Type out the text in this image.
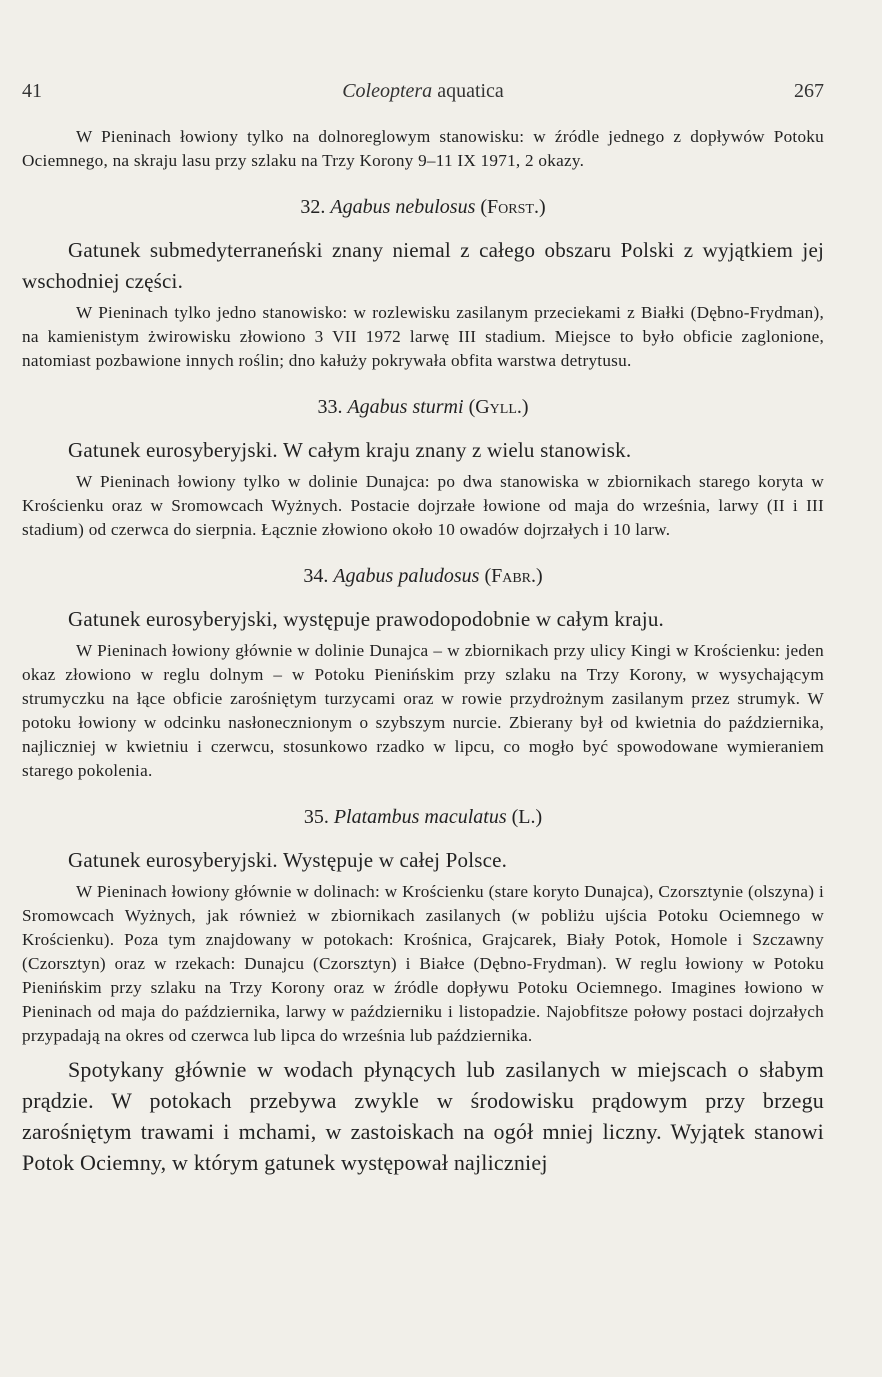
41	Coleoptera aquatica	267

W Pieninach łowiony tylko na dolnoreglowym stanowisku: w źródle jednego z dopływów Potoku Ociemnego, na skraju lasu przy szlaku na Trzy Korony 9–11 IX 1971, 2 okazy.

32. Agabus nebulosus (Forst.)

Gatunek submedyterraneński znany niemal z całego obszaru Polski z wyjątkiem jej wschodniej części.

W Pieninach tylko jedno stanowisko: w rozlewisku zasilanym przeciekami z Białki (Dębno-Frydman), na kamienistym żwirowisku złowiono 3 VII 1972 larwę III stadium. Miejsce to było obficie zaglonione, natomiast pozbawione innych roślin; dno kałuży pokrywała obfita warstwa detrytusu.

33. Agabus sturmi (Gyll.)

Gatunek eurosyberyjski. W całym kraju znany z wielu stanowisk.

W Pieninach łowiony tylko w dolinie Dunajca: po dwa stanowiska w zbiornikach starego koryta w Krościenku oraz w Sromowcach Wyżnych. Postacie dojrzałe łowione od maja do września, larwy (II i III stadium) od czerwca do sierpnia. Łącznie złowiono około 10 owadów dojrzałych i 10 larw.

34. Agabus paludosus (Fabr.)

Gatunek eurosyberyjski, występuje prawodopodobnie w całym kraju.

W Pieninach łowiony głównie w dolinie Dunajca – w zbiornikach przy ulicy Kingi w Krościenku: jeden okaz złowiono w reglu dolnym – w Potoku Pienińskim przy szlaku na Trzy Korony, w wysychającym strumyczku na łące obficie zarośniętym turzycami oraz w rowie przydrożnym zasilanym przez strumyk. W potoku łowiony w odcinku nasłonecznionym o szybszym nurcie. Zbierany był od kwietnia do października, najliczniej w kwietniu i czerwcu, stosunkowo rzadko w lipcu, co mogło być spowodowane wymieraniem starego pokolenia.

35. Platambus maculatus (L.)

Gatunek eurosyberyjski. Występuje w całej Polsce.

W Pieninach łowiony głównie w dolinach: w Krościenku (stare koryto Dunajca), Czorsztynie (olszyna) i Sromowcach Wyżnych, jak również w zbiornikach zasilanych (w pobliżu ujścia Potoku Ociemnego w Krościenku). Poza tym znajdowany w potokach: Krośnica, Grajcarek, Biały Potok, Homole i Szczawny (Czorsztyn) oraz w rzekach: Dunajcu (Czorsztyn) i Białce (Dębno-Frydman). W reglu łowiony w Potoku Pienińskim przy szlaku na Trzy Korony oraz w źródle dopływu Potoku Ociemnego. Imagines łowiono w Pieninach od maja do października, larwy w październiku i listopadzie. Najobfitsze połowy postaci dojrzałych przypadają na okres od czerwca lub lipca do września lub października.

Spotykany głównie w wodach płynących lub zasilanych w miejscach o słabym prądzie. W potokach przebywa zwykle w środowisku prądowym przy brzegu zarośniętym trawami i mchami, w zastoiskach na ogół mniej liczny. Wyjątek stanowi Potok Ociemny, w którym gatunek występował najliczniej
